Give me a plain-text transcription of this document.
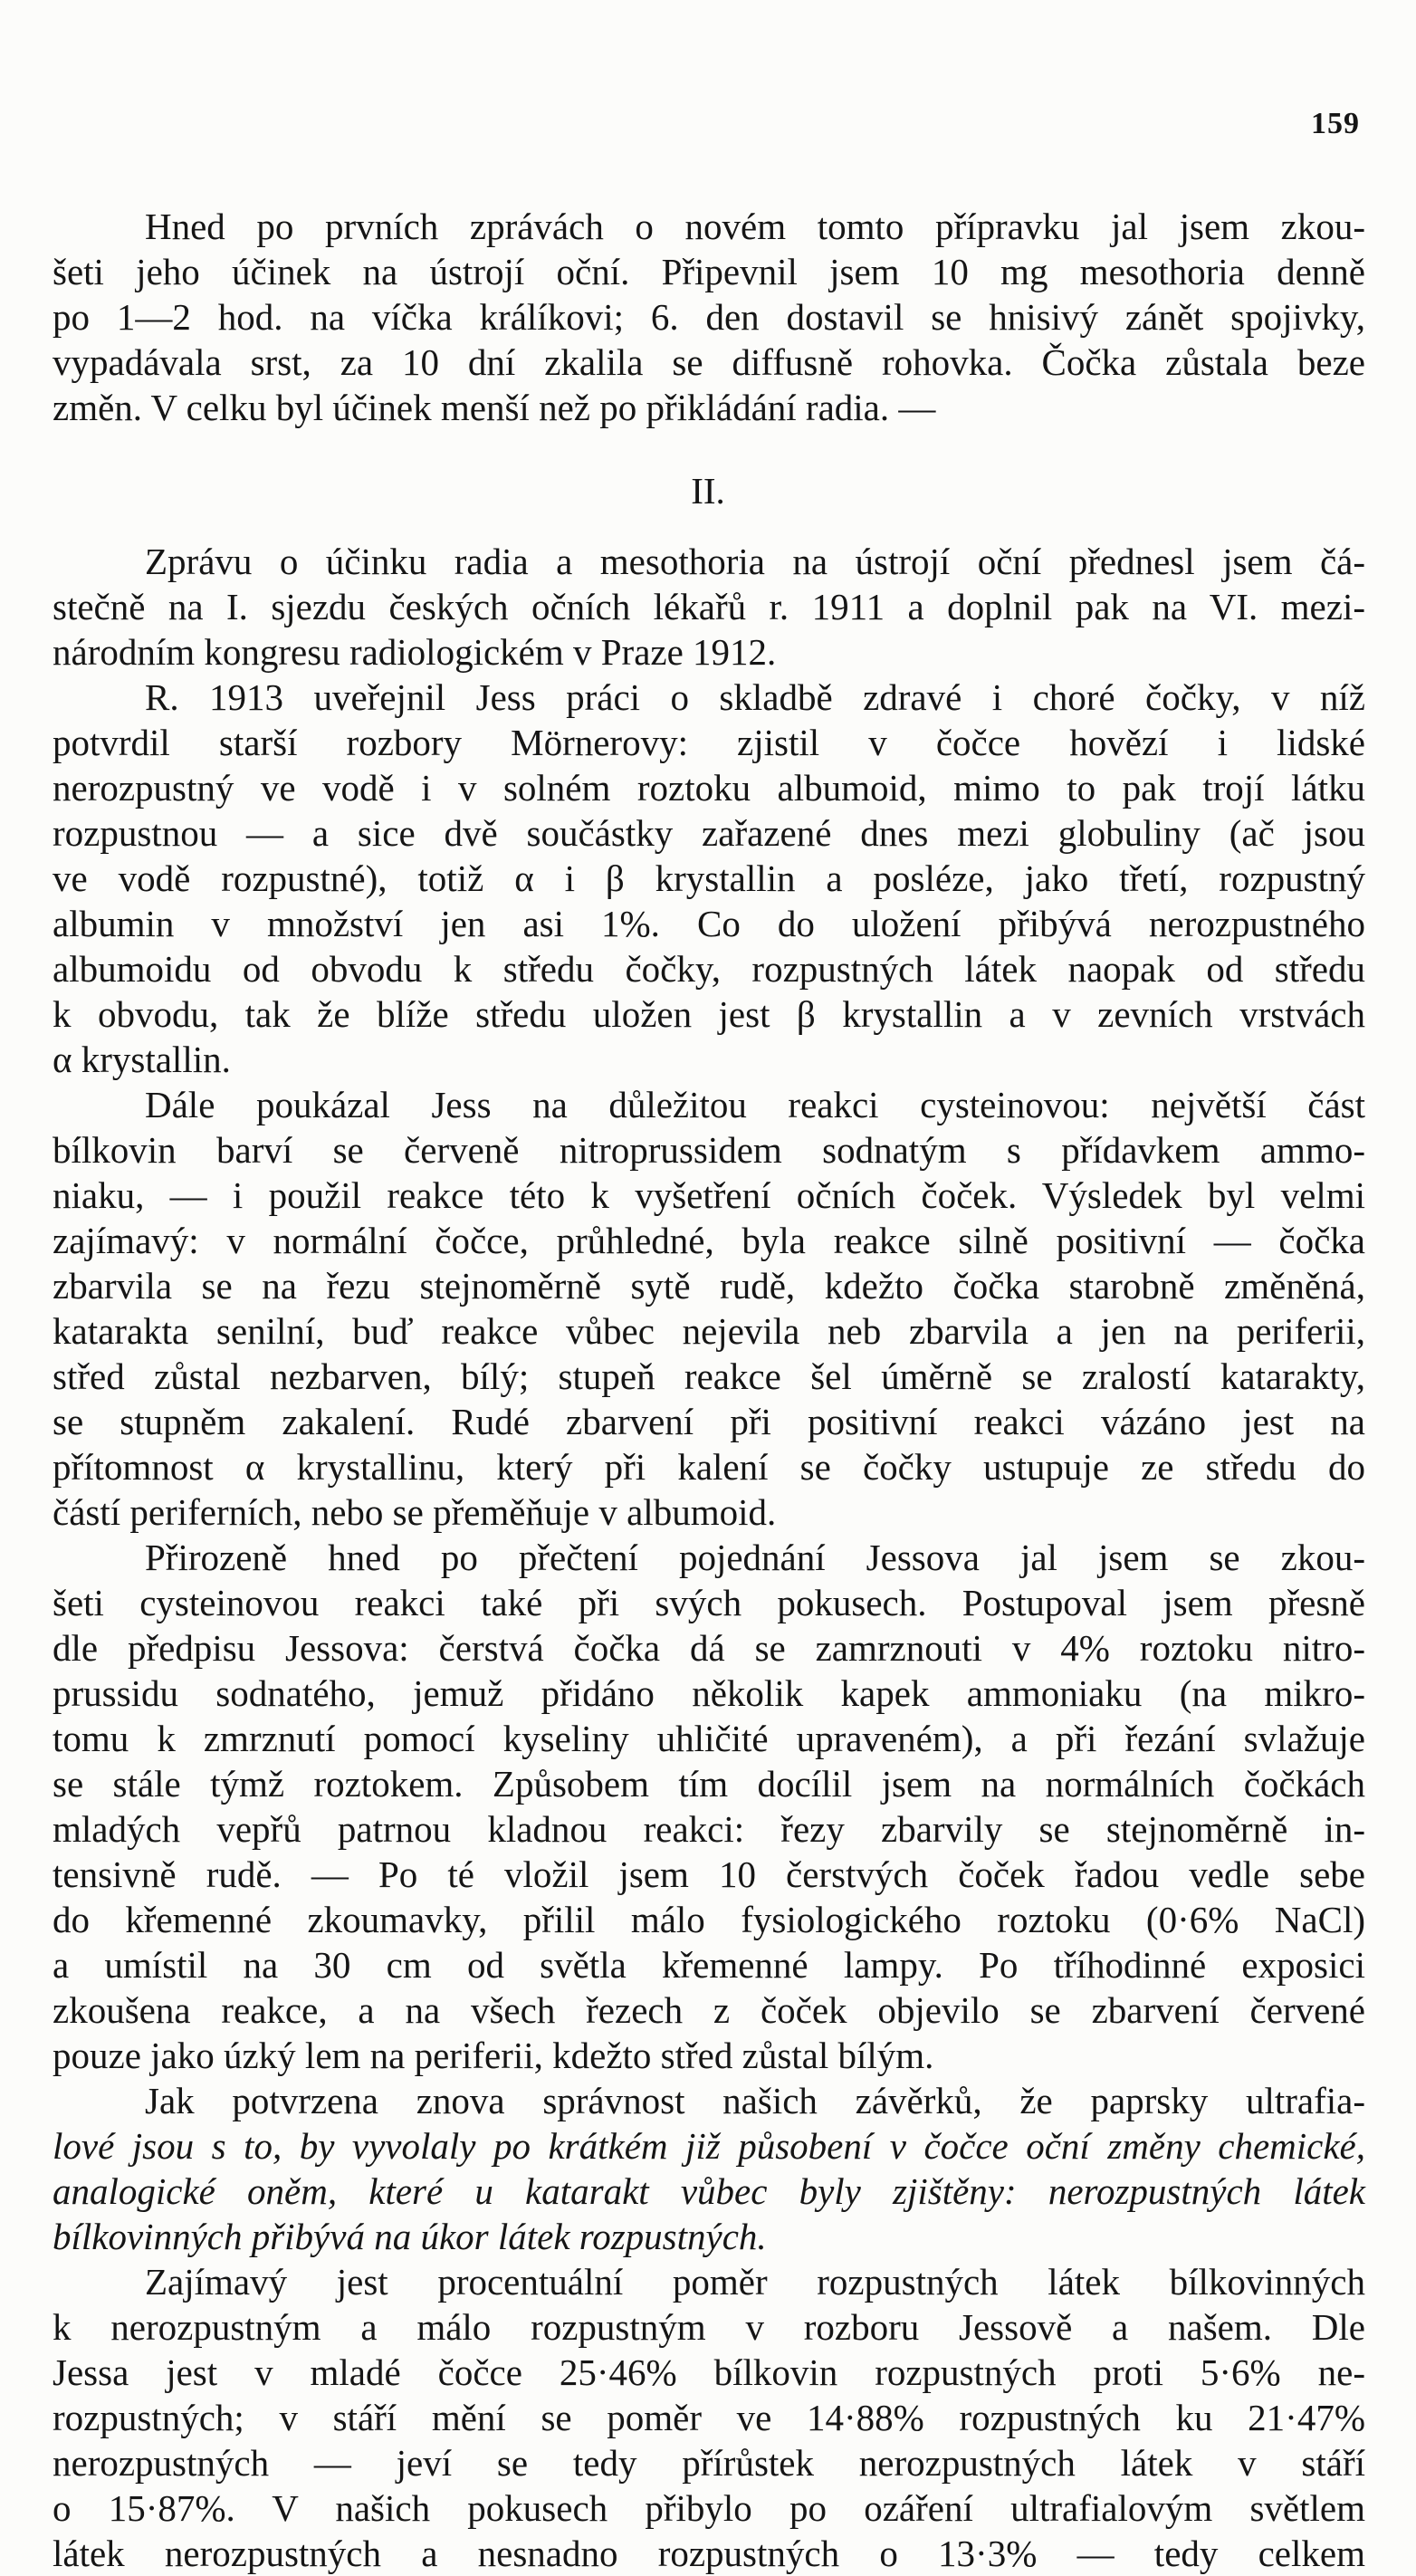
159
Hned po prvních zprávách o novém tomto přípravku jal jsem zkou-
šeti jeho účinek na ústrojí oční. Připevnil jsem 10 mg mesothoria denně
po 1—2 hod. na víčka králíkovi; 6. den dostavil se hnisivý zánět spojivky,
vypadávala srst, za 10 dní zkalila se diffusně rohovka. Čočka zůstala beze
změn. V celku byl účinek menší než po přikládání radia. —
II.
Zprávu o účinku radia a mesothoria na ústrojí oční přednesl jsem čá-
stečně na I. sjezdu českých očních lékařů r. 1911 a doplnil pak na VI. mezi-
národním kongresu radiologickém v Praze 1912.
R. 1913 uveřejnil Jess práci o skladbě zdravé i choré čočky, v níž
potvrdil starší rozbory Mörnerovy: zjistil v čočce hovězí i lidské
nerozpustný ve vodě i v solném roztoku albumoid, mimo to pak trojí látku
rozpustnou — a sice dvě součástky zařazené dnes mezi globuliny (ač jsou
ve vodě rozpustné), totiž α i β krystallin a posléze, jako třetí, rozpustný
albumin v množství jen asi 1%. Co do uložení přibývá nerozpustného
albumoidu od obvodu k středu čočky, rozpustných látek naopak od středu
k obvodu, tak že blíže středu uložen jest β krystallin a v zevních vrstvách
α krystallin.
Dále poukázal Jess na důležitou reakci cysteinovou: největší část
bílkovin barví se červeně nitroprussidem sodnatým s přídavkem ammo-
niaku, — i použil reakce této k vyšetření očních čoček. Výsledek byl velmi
zajímavý: v normální čočce, průhledné, byla reakce silně positivní — čočka
zbarvila se na řezu stejnoměrně sytě rudě, kdežto čočka starobně změněná,
katarakta senilní, buď reakce vůbec nejevila neb zbarvila a jen na periferii,
střed zůstal nezbarven, bílý; stupeň reakce šel úměrně se zralostí katarakty,
se stupněm zakalení. Rudé zbarvení při positivní reakci vázáno jest na
přítomnost α krystallinu, který při kalení se čočky ustupuje ze středu do
částí periferních, nebo se přeměňuje v albumoid.
Přirozeně hned po přečtení pojednání Jessova jal jsem se zkou-
šeti cysteinovou reakci také při svých pokusech. Postupoval jsem přesně
dle předpisu Jessova: čerstvá čočka dá se zamrznouti v 4% roztoku nitro-
prussidu sodnatého, jemuž přidáno několik kapek ammoniaku (na mikro-
tomu k zmrznutí pomocí kyseliny uhličité upraveném), a při řezání svlažuje
se stále týmž roztokem. Způsobem tím docílil jsem na normálních čočkách
mladých vepřů patrnou kladnou reakci: řezy zbarvily se stejnoměrně in-
tensivně rudě. — Po té vložil jsem 10 čerstvých čoček řadou vedle sebe
do křemenné zkoumavky, přilil málo fysiologického roztoku (0·6% NaCl)
a umístil na 30 cm od světla křemenné lampy. Po tříhodinné exposici
zkoušena reakce, a na všech řezech z čoček objevilo se zbarvení červené
pouze jako úzký lem na periferii, kdežto střed zůstal bílým.
Jak potvrzena znova správnost našich závěrků, že paprsky ultrafia-
lové jsou s to, by vyvolaly po krátkém již působení v čočce oční změny chemické,
analogické oněm, které u katarakt vůbec byly zjištěny: nerozpustných látek
bílkovinných přibývá na úkor látek rozpustných.
Zajímavý jest procentuální poměr rozpustných látek bílkovinných
k nerozpustným a málo rozpustným v rozboru Jessově a našem. Dle
Jessa jest v mladé čočce 25·46% bílkovin rozpustných proti 5·6% ne-
rozpustných; v stáří mění se poměr ve 14·88% rozpustných ku 21·47%
nerozpustných — jeví se tedy přírůstek nerozpustných látek v stáří
o 15·87%. V našich pokusech přibylo po ozáření ultrafialovým světlem
látek nerozpustných a nesnadno rozpustných o 13·3% — tedy celkem
